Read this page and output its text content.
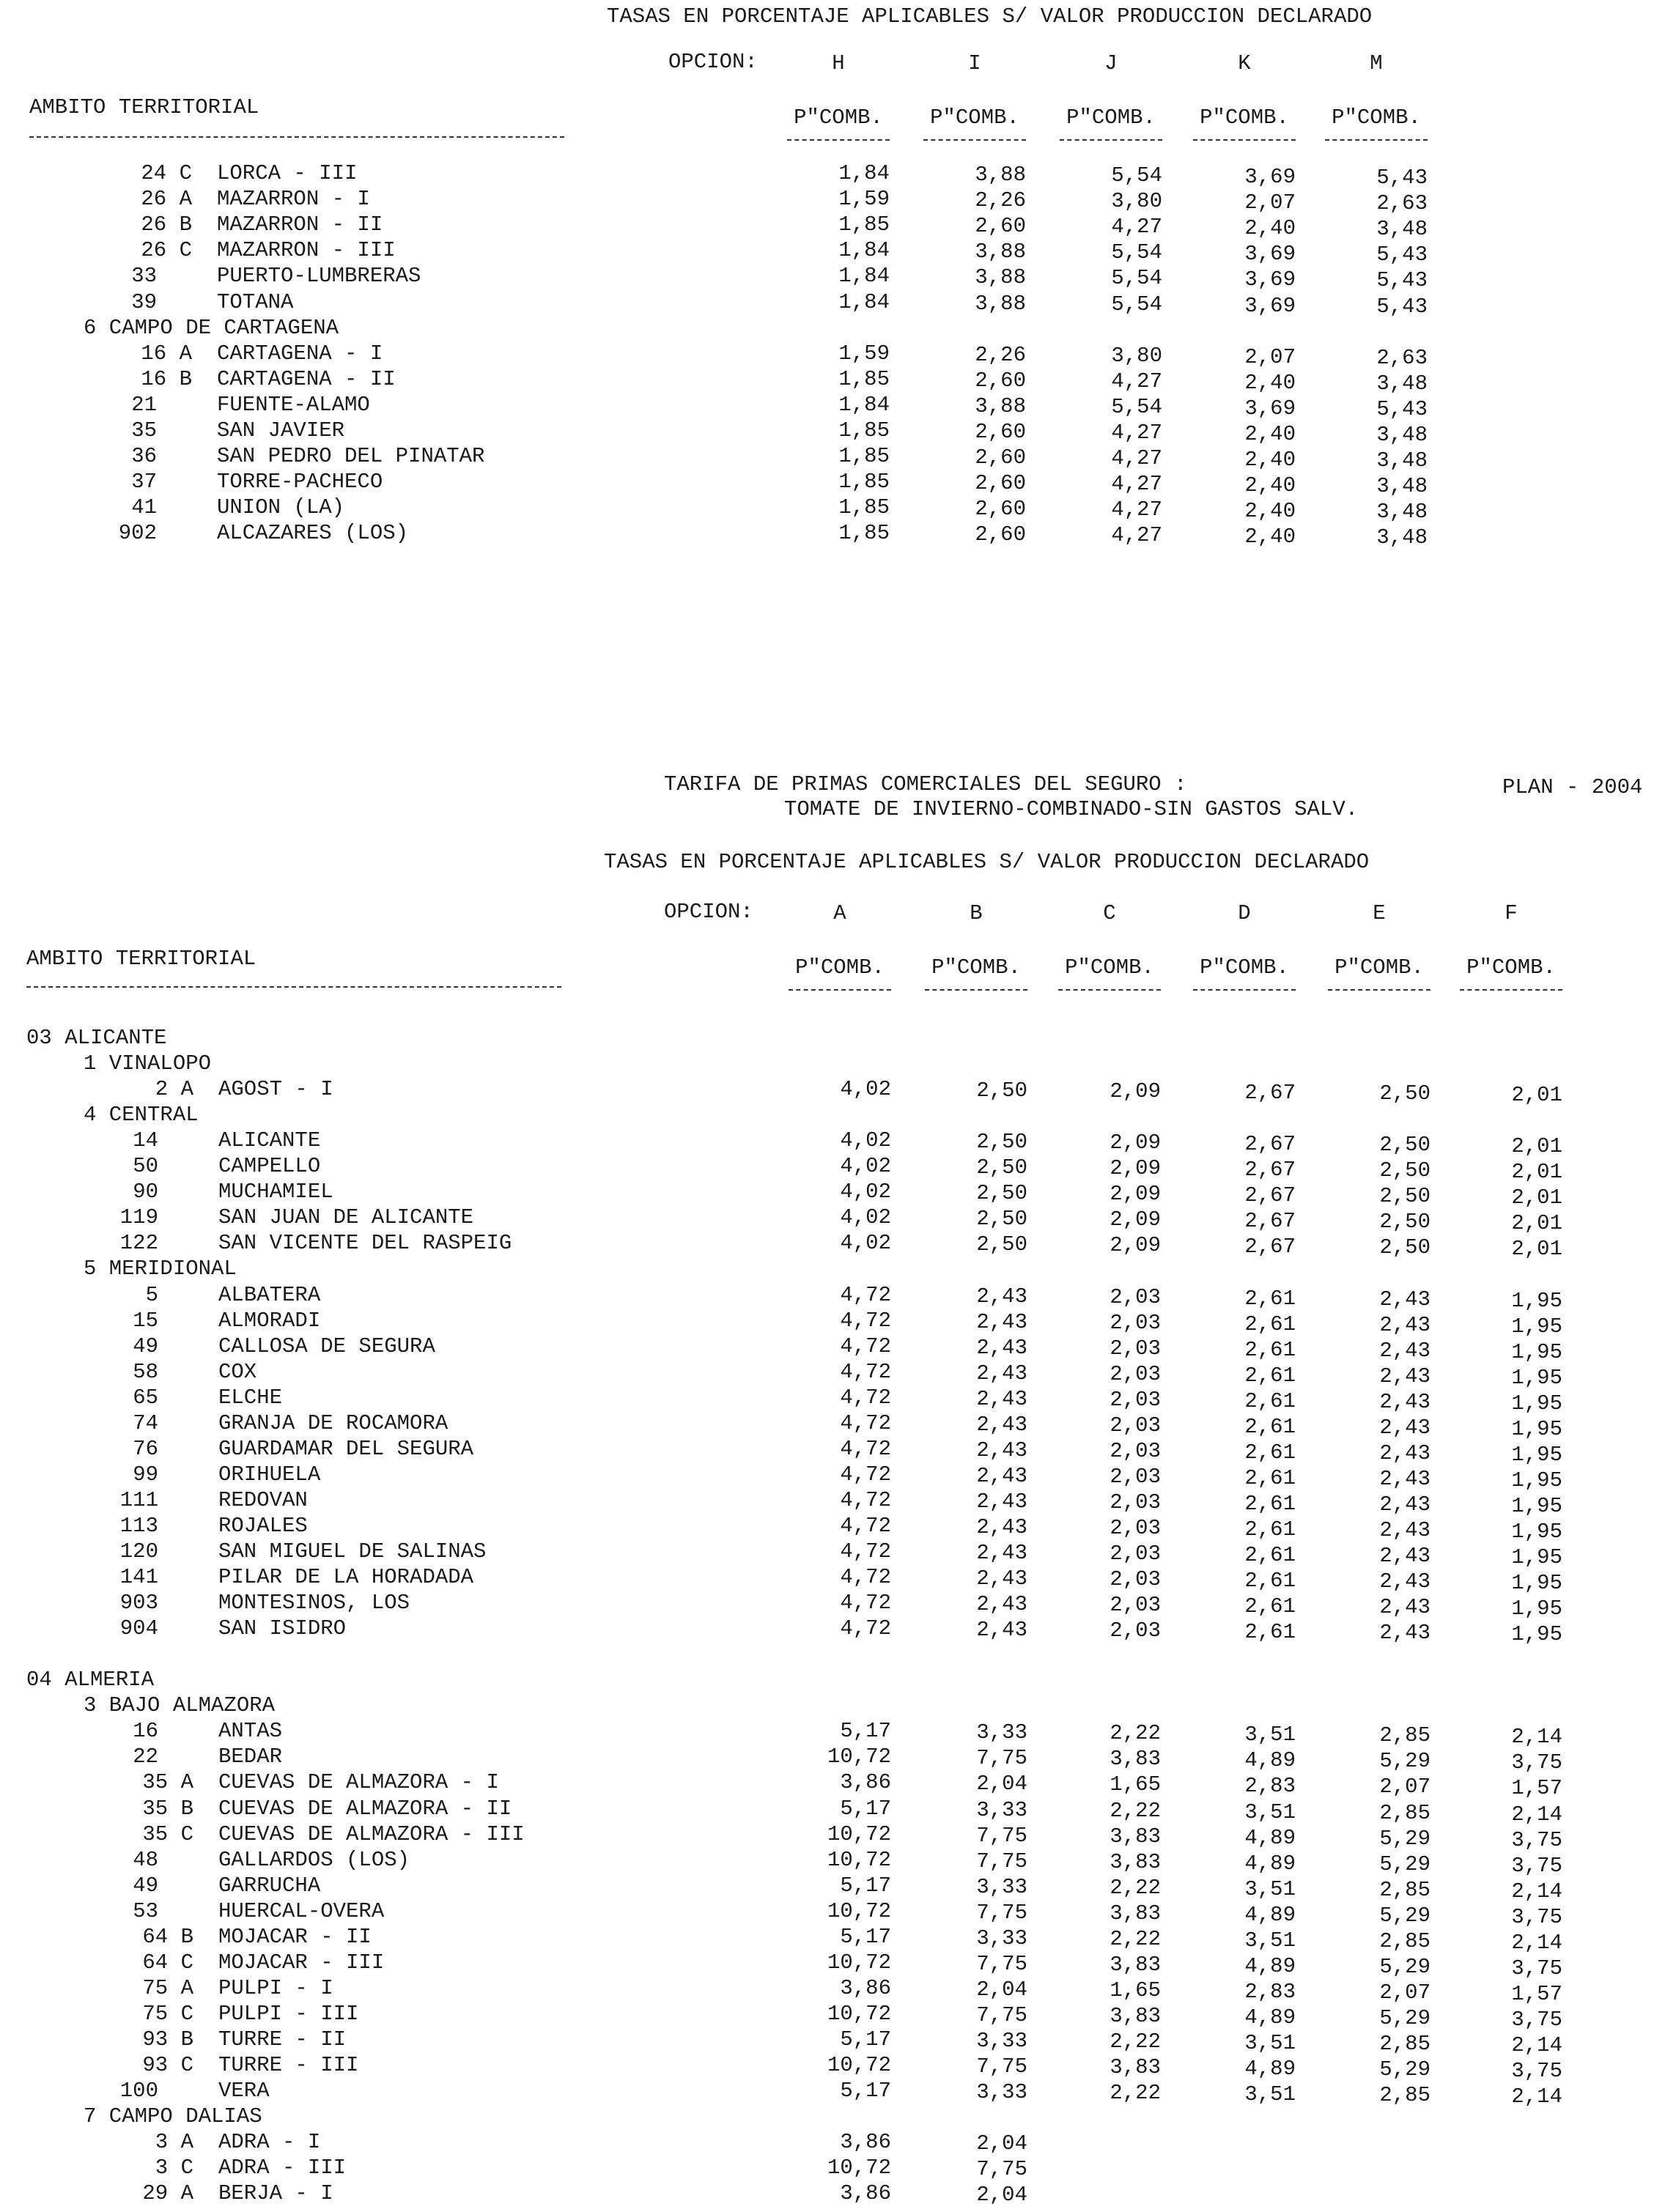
TASAS EN PORCENTAJE APLICABLES S/ VALOR PRODUCCION DECLARADO
OPCION:	H	I	J	K	M
AMBITO TERRITORIAL	P"COMB.	P"COMB.	P"COMB.	P"COMB.	P"COMB.
24 C LORCA - III	1,84	3,88	5,54	3,69	5,43
26 A MAZARRON - I	1,59	2,26	3,80	2,07	2,63
26 B MAZARRON - II	1,85	2,60	4,27	2,40	3,48
26 C MAZARRON - III	1,84	3,88	5,54	3,69	5,43
33	PUERTO-LUMBRERAS	1,84	3,88	5,54	3,69	5,43
39	TOTANA	1,84	3,88	5,54	3,69	5,43
6 CAMPO DE CARTAGENA
16 A CARTAGENA - I	1,59	2,26	3,80	2,07	2,63
16 B CARTAGENA - II	1,85	2,60	4,27	2,40	3,48
21	FUENTE-ALAMO	1,84	3,88	5,54	3,69	5,43
35	SAN JAVIER	1,85	2,60	4,27	2,40	3,48
36	SAN PEDRO DEL PINATAR	1,85	2,60	4,27	2,40	3,48
37	TORRE-PACHECO	1,85	2,60	4,27	2,40	3,48
41	UNION (LA)	1,85	2,60	4,27	2,40	3,48
902	ALCAZARES (LOS)	1,85	2,60	4,27	2,40	3,48
TARIFA DE PRIMAS COMERCIALES DEL SEGURO :
TOMATE DE INVIERNO-COMBINADO-SIN GASTOS SALV.
PLAN - 2004
TASAS EN PORCENTAJE APLICABLES S/ VALOR PRODUCCION DECLARADO
OPCION:	A	B	C	D	E	F
AMBITO TERRITORIAL	P"COMB.	P"COMB.	P"COMB.	P"COMB.	P"COMB.	P"COMB.
03 ALICANTE
1 VINALOPO
2 A AGOST - I	4,02	2,50	2,09	2,67	2,50	2,01
4 CENTRAL
14	ALICANTE	4,02	2,50	2,09	2,67	2,50	2,01
50	CAMPELLO	4,02	2,50	2,09	2,67	2,50	2,01
90	MUCHAMIEL	4,02	2,50	2,09	2,67	2,50	2,01
119	SAN JUAN DE ALICANTE	4,02	2,50	2,09	2,67	2,50	2,01
122	SAN VICENTE DEL RASPEIG	4,02	2,50	2,09	2,67	2,50	2,01
5 MERIDIONAL
5	ALBATERA	4,72	2,43	2,03	2,61	2,43	1,95
15	ALMORADI	4,72	2,43	2,03	2,61	2,43	1,95
49	CALLOSA DE SEGURA	4,72	2,43	2,03	2,61	2,43	1,95
58	COX	4,72	2,43	2,03	2,61	2,43	1,95
65	ELCHE	4,72	2,43	2,03	2,61	2,43	1,95
74	GRANJA DE ROCAMORA	4,72	2,43	2,03	2,61	2,43	1,95
76	GUARDAMAR DEL SEGURA	4,72	2,43	2,03	2,61	2,43	1,95
99	ORIHUELA	4,72	2,43	2,03	2,61	2,43	1,95
111	REDOVAN	4,72	2,43	2,03	2,61	2,43	1,95
113	ROJALES	4,72	2,43	2,03	2,61	2,43	1,95
120	SAN MIGUEL DE SALINAS	4,72	2,43	2,03	2,61	2,43	1,95
141	PILAR DE LA HORADADA	4,72	2,43	2,03	2,61	2,43	1,95
903	MONTESINOS, LOS	4,72	2,43	2,03	2,61	2,43	1,95
904	SAN ISIDRO	4,72	2,43	2,03	2,61	2,43	1,95
04 ALMERIA
3 BAJO ALMAZORA
16	ANTAS	5,17	3,33	2,22	3,51	2,85	2,14
22	BEDAR	10,72	7,75	3,83	4,89	5,29	3,75
35 A CUEVAS DE ALMAZORA - I	3,86	2,04	1,65	2,83	2,07	1,57
35 B CUEVAS DE ALMAZORA - II	5,17	3,33	2,22	3,51	2,85	2,14
35 C CUEVAS DE ALMAZORA - III	10,72	7,75	3,83	4,89	5,29	3,75
48	GALLARDOS (LOS)	10,72	7,75	3,83	4,89	5,29	3,75
49	GARRUCHA	5,17	3,33	2,22	3,51	2,85	2,14
53	HUERCAL-OVERA	10,72	7,75	3,83	4,89	5,29	3,75
64 B MOJACAR - II	5,17	3,33	2,22	3,51	2,85	2,14
64 C MOJACAR - III	10,72	7,75	3,83	4,89	5,29	3,75
75 A PULPI - I	3,86	2,04	1,65	2,83	2,07	1,57
75 C PULPI - III	10,72	7,75	3,83	4,89	5,29	3,75
93 B TURRE - II	5,17	3,33	2,22	3,51	2,85	2,14
93 C TURRE - III	10,72	7,75	3,83	4,89	5,29	3,75
100	VERA	5,17	3,33	2,22	3,51	2,85	2,14
7 CAMPO DALIAS
3 A ADRA - I	3,86	2,04
3 C ADRA - III	10,72	7,75
29 A BERJA - I	3,86	2,04
